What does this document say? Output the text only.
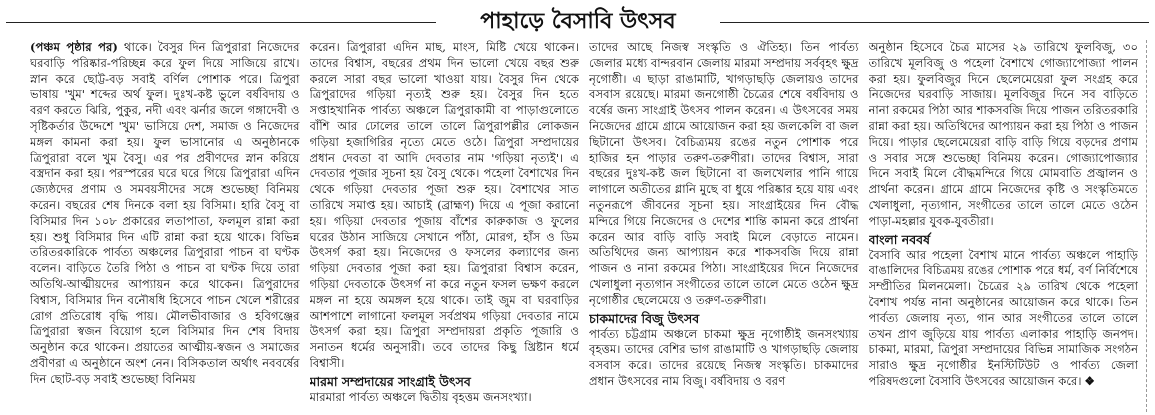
পাহাড়ে বৈসাবি উৎসব

(পঞ্চম পৃষ্ঠার পর) থাকে। বৈসুর দিন ত্রিপুরারা নিজেদের ঘরবাড়ি পরিষ্কার-পরিচ্ছন্ন করে ফুল দিয়ে সাজিয়ে রাখে। স্নান করে ছোট্ট-বড় সবাই বর্ণিল পোশাক পরে। ত্রিপুরা ভাষায় 'খুম' শব্দের অর্থ ফুল। দুঃখ-কষ্ট ভুলে বর্ষবিদায় ও বরণ করতে ঝিরি, পুকুর, নদী এবং ঝর্নার জলে গঙ্গাদেবী ও সৃষ্টিকর্তার উদ্দেশে 'খুম' ভাসিয়ে দেশ, সমাজ ও নিজেদের মঙ্গল কামনা করা হয়। ফুল ভাসানোর এ অনুষ্ঠানকে ত্রিপুরারা বলে খুম বৈসু। এর পর প্রবীণদের স্নান করিয়ে বস্ত্রদান করা হয়। পরস্পরের ঘরে ঘরে গিয়ে ত্রিপুরারা এদিন জ্যেষ্ঠদের প্রণাম ও সমবয়সীদের সঙ্গে শুভেচ্ছা বিনিময় করেন। বছরের শেষ দিনকে বলা হয় বিসিমা। হারি বৈসু বা বিসিমার দিন ১০৮ প্রকারের লতাপাতা, ফলমূল রান্না করা হয়। শুধু বিসিমার দিন এটি রান্না করা হয়ে থাকে। বিভিন্ন তরিতরকারিকে পার্বত্য অঞ্চলের ত্রিপুরারা পাচন বা ঘণ্টক বলেন। বাড়িতে তৈরি পিঠা ও পাচন বা ঘণ্টক দিয়ে তারা অতিথি-আত্মীয়দের আপ্যায়ন করে থাকেন। ত্রিপুরাদের বিশ্বাস, বিসিমার দিন বনৌষধি হিসেবে পাচন খেলে শরীরের রোগ প্রতিরোধ বৃদ্ধি পায়। মৌলভীবাজার ও হবিগঞ্জের ত্রিপুরারা স্বজন বিয়োগ হলে বিসিমার দিন শেষ বিদায় অনুষ্ঠান করে থাকেন। প্রয়াতের আত্মীয়-স্বজন ও সমাজের প্রবীণরা এ অনুষ্ঠানে অংশ নেন। বিসিকতাল অর্থাৎ নববর্ষের দিন ছোট-বড় সবাই শুভেচ্ছা বিনিময়

করেন। ত্রিপুরারা এদিন মাছ, মাংস, মিষ্টি খেয়ে থাকেন। তাদের বিশ্বাস, বছরের প্রথম দিন ভালো খেয়ে বছর শুরু করলে সারা বছর ভালো খাওয়া যায়। বৈসুর দিন থেকে ত্রিপুরাদের গড়িয়া নৃত্যই শুরু হয়। বৈসুর দিন হতে সপ্তাহখানিক পার্বত্য অঞ্চলে ত্রিপুরাকামী বা পাড়াগুলোতে বাঁশি আর ঢোলের তালে তালে ত্রিপুরাপল্লীর লোকজন গড়িয়া হজাগিরির নৃত্যে মেতে ওঠে। ত্রিপুরা সম্প্রদায়ের প্রধান দেবতা বা আদি দেবতার নাম 'গড়িয়া নৃত্যই'। এ দেবতার পূজার সূচনা হয় বৈসু থেকে। পহেলা বৈশাখের দিন থেকে গড়িয়া দেবতার পূজা শুরু হয়। বৈশাখের সাত তারিখে সমাপ্ত হয়। আচাই (ব্রাহ্মণ) দিয়ে এ পূজা করানো হয়। গড়িয়া দেবতার পূজায় বাঁশের কারুকাজ ও ফুলের ঘরের উঠান সাজিয়ে সেখানে পাঁঠা, মোরগ, হাঁস ও ডিম উৎসর্গ করা হয়। নিজেদের ও ফসলের কল্যাণের জন্য গড়িয়া দেবতার পূজা করা হয়। ত্রিপুরারা বিশ্বাস করেন, গড়িয়া দেবতাকে উৎসর্গ না করে নতুন ফসল ভক্ষণ করলে মঙ্গল না হয়ে অমঙ্গল হয়ে থাকে। তাই জুম বা ঘরবাড়ির আশপাশে লাগানো ফলমূল সর্বপ্রথম গড়িয়া দেবতার নামে উৎসর্গ করা হয়। ত্রিপুরা সম্প্রদায়রা প্রকৃতি পূজারি ও সনাতন ধর্মের অনুসারী। তবে তাদের কিছু খ্রিষ্টান ধর্মে বিশ্বাসী।

মারমা সম্প্রদায়ের সাংগ্রাই উৎসব

মারমারা পার্বত্য অঞ্চলে দ্বিতীয় বৃহত্তম জনসংখ্যা।

তাদের আছে নিজস্ব সংস্কৃতি ও ঐতিহ্য। তিন পার্বত্য জেলার মধ্যে বান্দরবান জেলায় মারমা সম্প্রদায় সর্ববৃহৎ ক্ষুদ্র নৃগোষ্ঠী। এ ছাড়া রাঙামাটি, খাগড়াছড়ি জেলায়ও তাদের বসবাস রয়েছে। মারমা জনগোষ্ঠী চৈত্রের শেষে বর্ষবিদায় ও বর্ষের জন্য সাংগ্রাই উৎসব পালন করেন। এ উৎসবের সময় নিজেদের গ্রামে গ্রামে আয়োজন করা হয় জলকেলি বা জল ছিটানো উৎসব। বৈচিত্র্যময় রঙের নতুন পোশাক পরে হাজির হন পাড়ার তরুণ-তরুণীরা। তাদের বিশ্বাস, সারা বছরের দুঃখ-কষ্ট জল ছিটানো বা জলখেলার পানি গায়ে লাগালে অতীতের গ্লানি মুছে বা ধুয়ে পরিষ্কার হয়ে যায় এবং নতুনরূপে জীবনের সূচনা হয়। সাংগ্রাইয়ের দিন বৌদ্ধ মন্দিরে গিয়ে নিজেদের ও দেশের শান্তি কামনা করে প্রার্থনা করেন আর বাড়ি বাড়ি সবাই মিলে বেড়াতে নামেন। অতিথিদের জন্য আপ্যায়ন করে শাকসবজি দিয়ে রান্না পাজন ও নানা রকমের পিঠা। সাংগ্রাইয়ের দিনে নিজেদের খেলাধুলা নৃত্যগান সংগীতের তালে তালে মেতে ওঠেন ক্ষুদ্র নৃগোষ্ঠীর ছেলেমেয়ে ও তরুণ-তরুণীরা।

চাকমাদের বিজু উৎসব

পার্বত্য চট্টগ্রাম অঞ্চলে চাকমা ক্ষুদ্র নৃগোষ্ঠীই জনসংখ্যায় বৃহত্তম। তাদের বেশির ভাগ রাঙামাটি ও খাগড়াছড়ি জেলায় বসবাস করে। তাদের রয়েছে নিজস্ব সংস্কৃতি। চাকমাদের প্রধান উৎসবের নাম বিজু। বর্ষবিদায় ও বরণ

অনুষ্ঠান হিসেবে চৈত্র মাসের ২৯ তারিখে ফুলবিজু, ৩০ তারিখে মূলবিজু ও পহেলা বৈশাখে গোজ্যাপোজ্যা পালন করা হয়। ফুলবিজুর দিনে ছেলেমেয়েরা ফুল সংগ্রহ করে নিজেদের ঘরবাড়ি সাজায়। মূলবিজুর দিনে সব বাড়িতে নানা রকমের পিঠা আর শাকসবজি দিয়ে পাজন তরিতরকারি রান্না করা হয়। অতিথিদের আপ্যায়ন করা হয় পিঠা ও পাজন দিয়ে। পাড়ার ছেলেমেয়েরা বাড়ি বাড়ি গিয়ে বড়দের প্রণাম ও সবার সঙ্গে শুভেচ্ছা বিনিময় করেন। গোজ্যাপোজ্যার দিনে সবাই মিলে বৌদ্ধমন্দিরে গিয়ে মোমবাতি প্রজ্বালন ও প্রার্থনা করেন। গ্রামে গ্রামে নিজেদের কৃষ্টি ও সংস্কৃতিমতে খেলাধুলা, নৃত্যগান, সংগীতের তালে তালে মেতে ওঠেন পাড়া-মহল্লার যুবক-যুবতীরা।

বাংলা নববর্ষ

বৈসাবি আর পহেলা বৈশাখ মানে পার্বত্য অঞ্চলে পাহাড়ি বাঙালিদের বিচিত্রময় রঙের পোশাক পরে ধর্ম, বর্ণ নির্বিশেষে সম্প্রীতির মিলনমেলা। চৈত্রের ২৯ তারিখ থেকে পহেলা বৈশাখ পর্যন্ত নানা অনুষ্ঠানের আয়োজন করে থাকে। তিন পার্বত্য জেলায় নৃত্য, গান আর সংগীতের তালে তালে তখন প্রাণ জুড়িয়ে যায় পার্বত্য এলাকার পাহাড়ি জনপদ। চাকমা, মারমা, ত্রিপুরা সম্প্রদায়ের বিভিন্ন সামাজিক সংগঠন সারাও ক্ষুদ্র নৃগোষ্ঠীর ইনস্টিটিউট ও পার্বত্য জেলা পরিষদগুলো বৈসাবি উৎসবের আয়োজন করে। ❖
